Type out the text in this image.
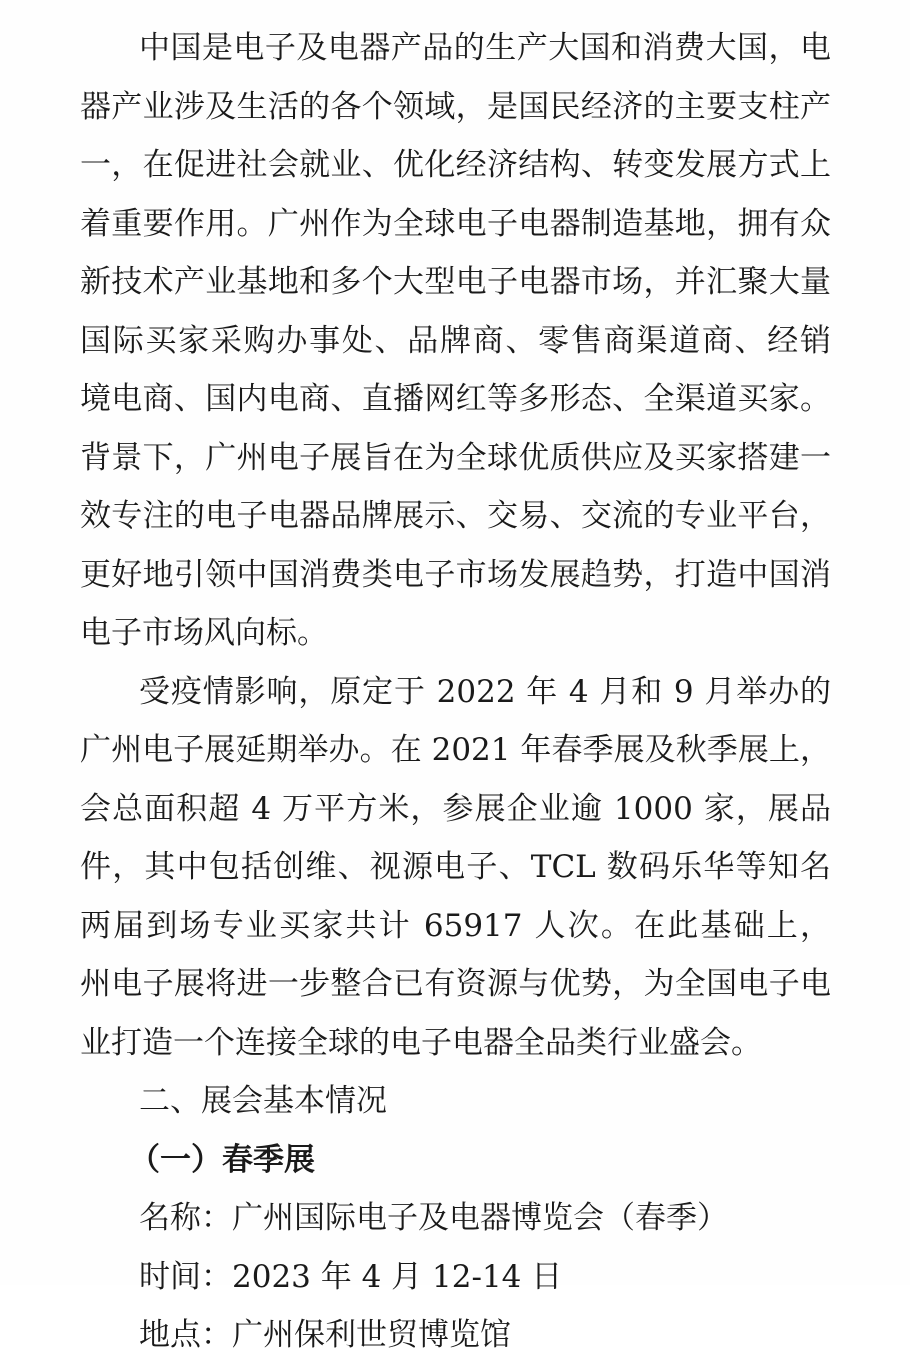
中国是电子及电器产品的生产大国和消费大国，电
器产业涉及生活的各个领域，是国民经济的主要支柱产
一，在促进社会就业、优化经济结构、转变发展方式上
着重要作用。广州作为全球电子电器制造基地，拥有众
新技术产业基地和多个大型电子电器市场，并汇聚大量
国际买家采购办事处、品牌商、零售商渠道商、经销
境电商、国内电商、直播网红等多形态、全渠道买家。
背景下，广州电子展旨在为全球优质供应及买家搭建一
效专注的电子电器品牌展示、交易、交流的专业平台，
更好地引领中国消费类电子市场发展趋势，打造中国消
电子市场风向标。
受疫情影响，原定于 2022 年 4 月和 9 月举办的
广州电子展延期举办。在 2021 年春季展及秋季展上，
会总面积超 4 万平方米，参展企业逾 1000 家，展品
件，其中包括创维、视源电子、TCL 数码乐华等知名
两届到场专业买家共计 65917 人次。在此基础上，
州电子展将进一步整合已有资源与优势，为全国电子电
业打造一个连接全球的电子电器全品类行业盛会。
二、展会基本情况
（一）春季展
名称：广州国际电子及电器博览会（春季）
时间：2023 年 4 月 12-14 日
地点：广州保利世贸博览馆
